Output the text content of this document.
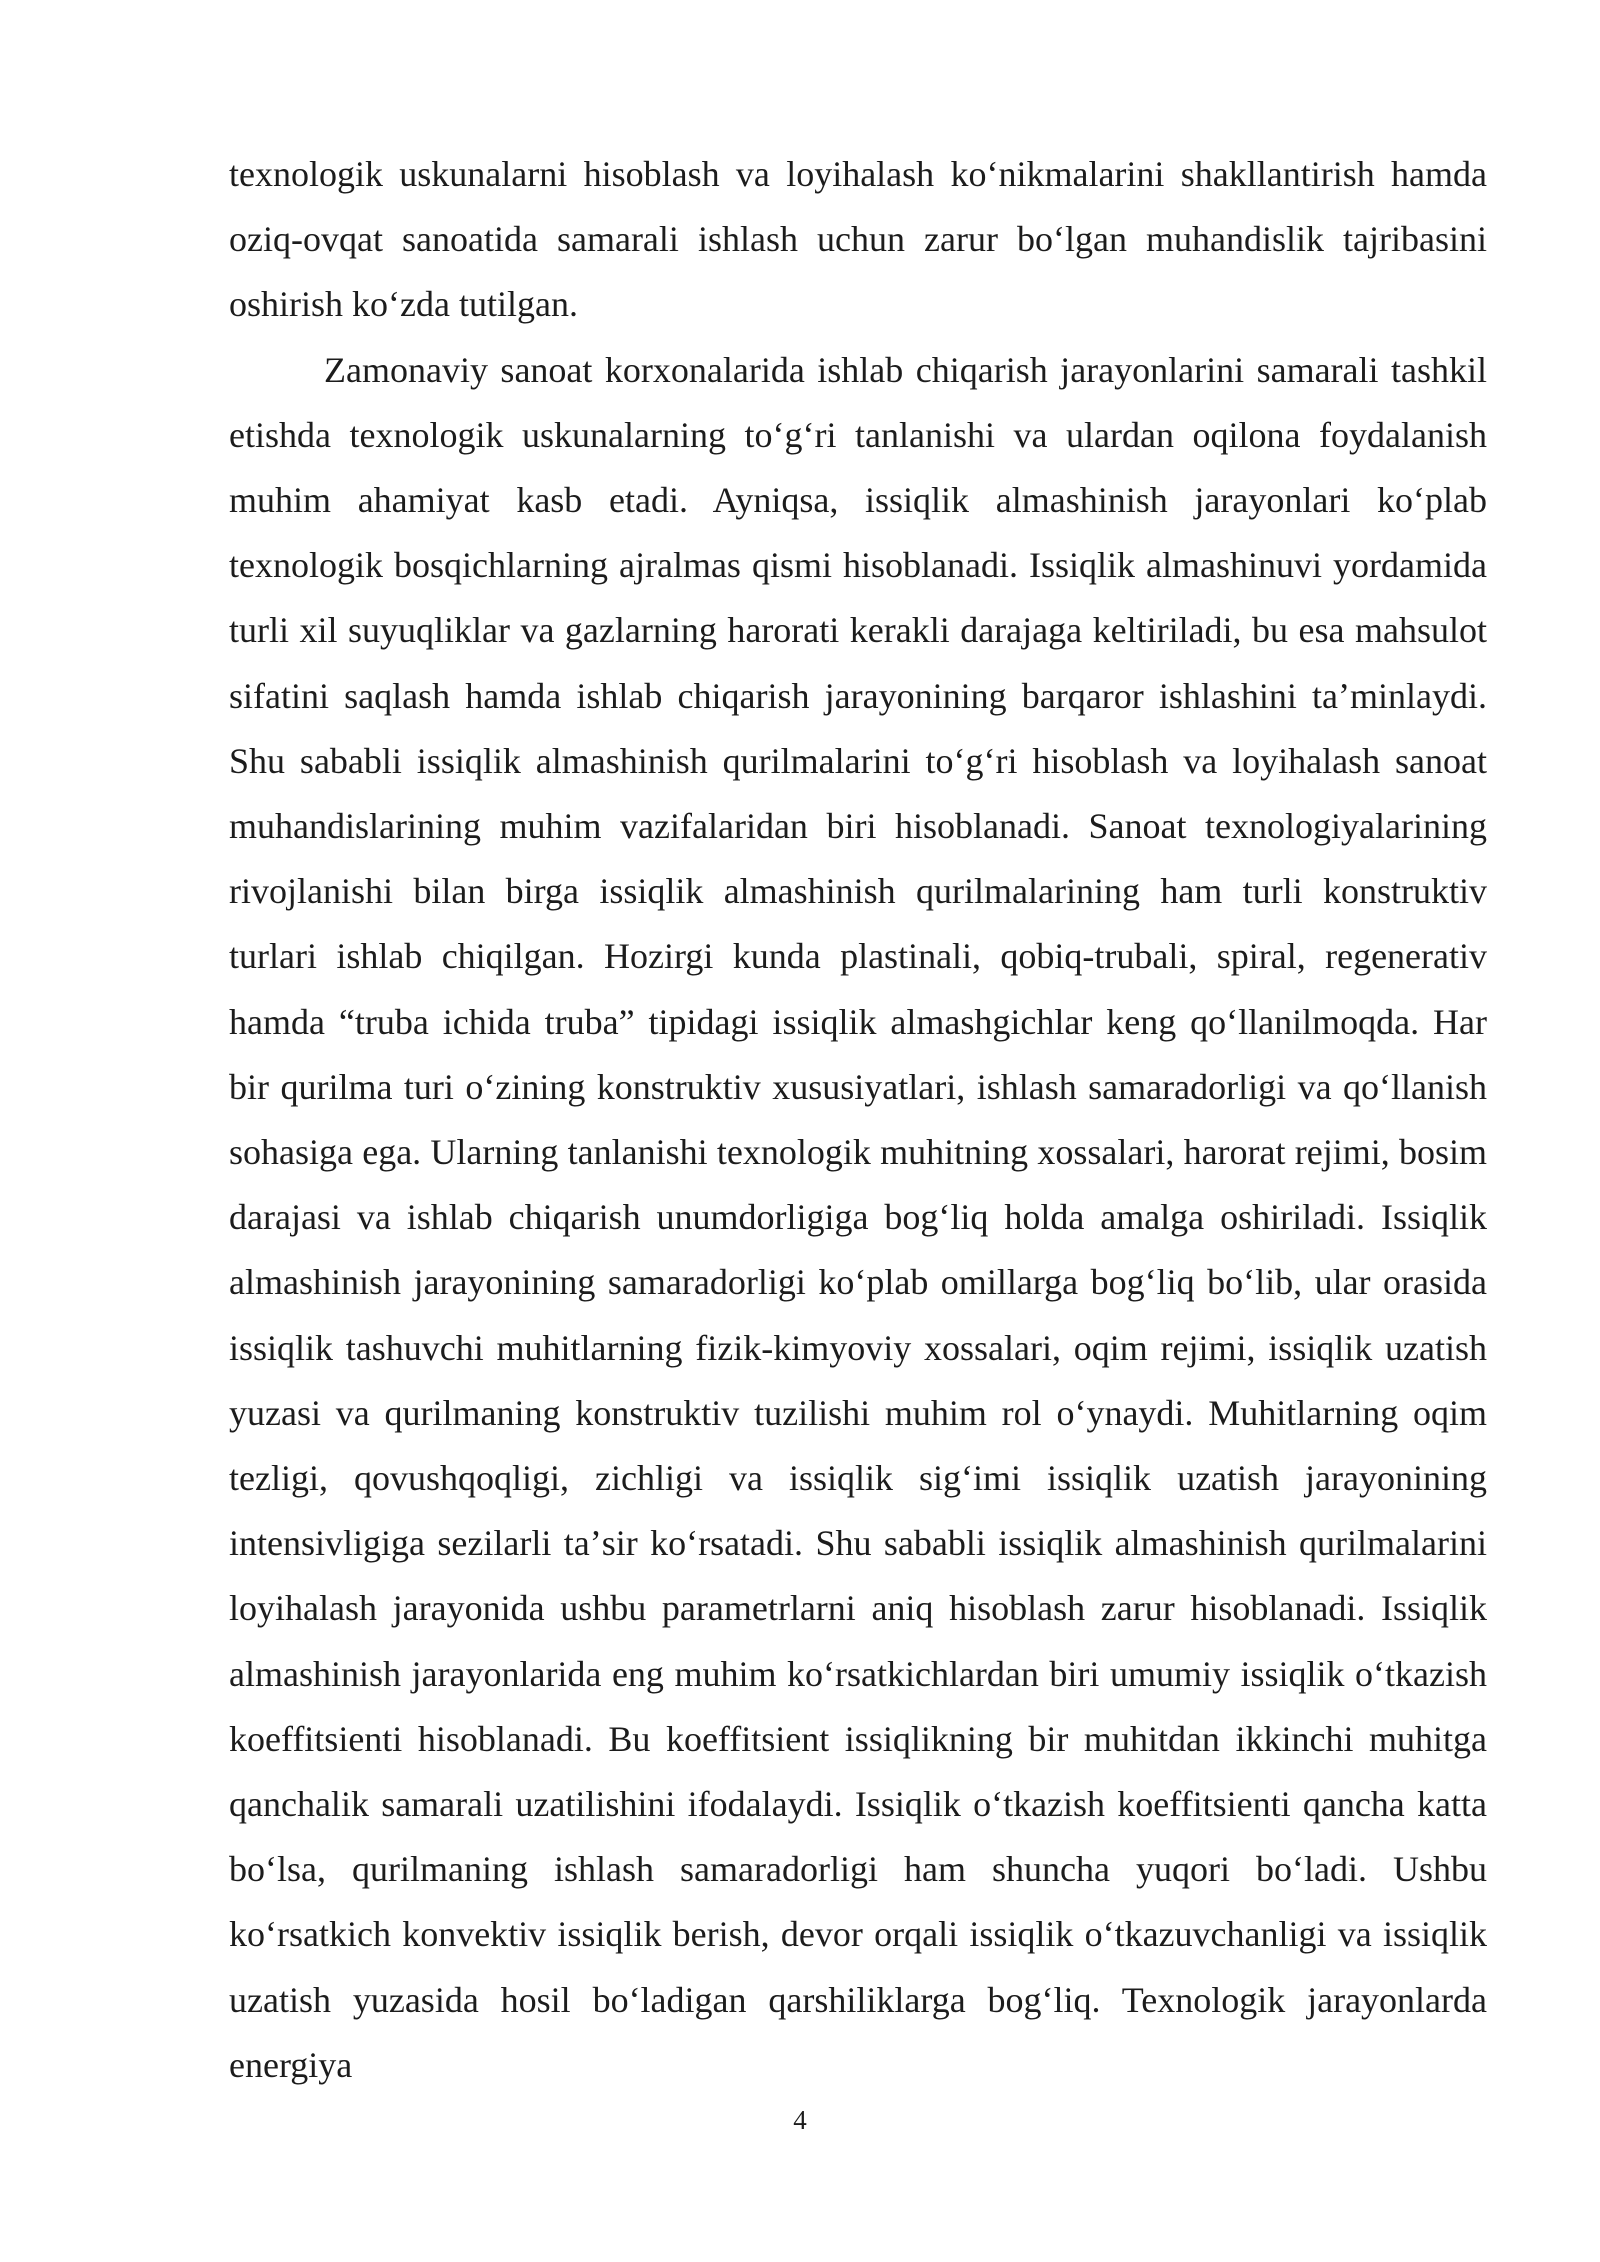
texnologik uskunalarni hisoblash va loyihalash koʻnikmalarini shakllantirish hamda oziq-ovqat sanoatida samarali ishlash uchun zarur boʻlgan muhandislik tajribasini oshirish koʻzda tutilgan.

Zamonaviy sanoat korxonalarida ishlab chiqarish jarayonlarini samarali tashkil etishda texnologik uskunalarning toʻgʻri tanlanishi va ulardan oqilona foydalanish muhim ahamiyat kasb etadi. Ayniqsa, issiqlik almashinish jarayonlari koʻplab texnologik bosqichlarning ajralmas qismi hisoblanadi. Issiqlik almashinuvi yordamida turli xil suyuqliklar va gazlarning harorati kerakli darajaga keltiriladi, bu esa mahsulot sifatini saqlash hamda ishlab chiqarish jarayonining barqaror ishlashini taʼminlaydi. Shu sababli issiqlik almashinish qurilmalarini toʻgʻri hisoblash va loyihalash sanoat muhandislarining muhim vazifalaridan biri hisoblanadi. Sanoat texnologiyalarining rivojlanishi bilan birga issiqlik almashinish qurilmalarining ham turli konstruktiv turlari ishlab chiqilgan. Hozirgi kunda plastinali, qobiq-trubali, spiral, regenerativ hamda “truba ichida truba” tipidagi issiqlik almashgichlar keng qoʻllanilmoqda. Har bir qurilma turi oʻzining konstruktiv xususiyatlari, ishlash samaradorligi va qoʻllanish sohasiga ega. Ularning tanlanishi texnologik muhitning xossalari, harorat rejimi, bosim darajasi va ishlab chiqarish unumdorligiga bogʻliq holda amalga oshiriladi. Issiqlik almashinish jarayonining samaradorligi koʻplab omillarga bogʻliq boʻlib, ular orasida issiqlik tashuvchi muhitlarning fizik-kimyoviy xossalari, oqim rejimi, issiqlik uzatish yuzasi va qurilmaning konstruktiv tuzilishi muhim rol oʻynaydi. Muhitlarning oqim tezligi, qovushqoqligi, zichligi va issiqlik sigʻimi issiqlik uzatish jarayonining intensivligiga sezilarli taʼsir koʻrsatadi. Shu sababli issiqlik almashinish qurilmalarini loyihalash jarayonida ushbu parametrlarni aniq hisoblash zarur hisoblanadi. Issiqlik almashinish jarayonlarida eng muhim koʻrsatkichlardan biri umumiy issiqlik oʻtkazish koeffitsienti hisoblanadi. Bu koeffitsient issiqlikning bir muhitdan ikkinchi muhitga qanchalik samarali uzatilishini ifodalaydi. Issiqlik oʻtkazish koeffitsienti qancha katta boʻlsa, qurilmaning ishlash samaradorligi ham shuncha yuqori boʻladi. Ushbu koʻrsatkich konvektiv issiqlik berish, devor orqali issiqlik oʻtkazuvchanligi va issiqlik uzatish yuzasida hosil boʻladigan qarshiliklarga bogʻliq. Texnologik jarayonlarda energiya

4
